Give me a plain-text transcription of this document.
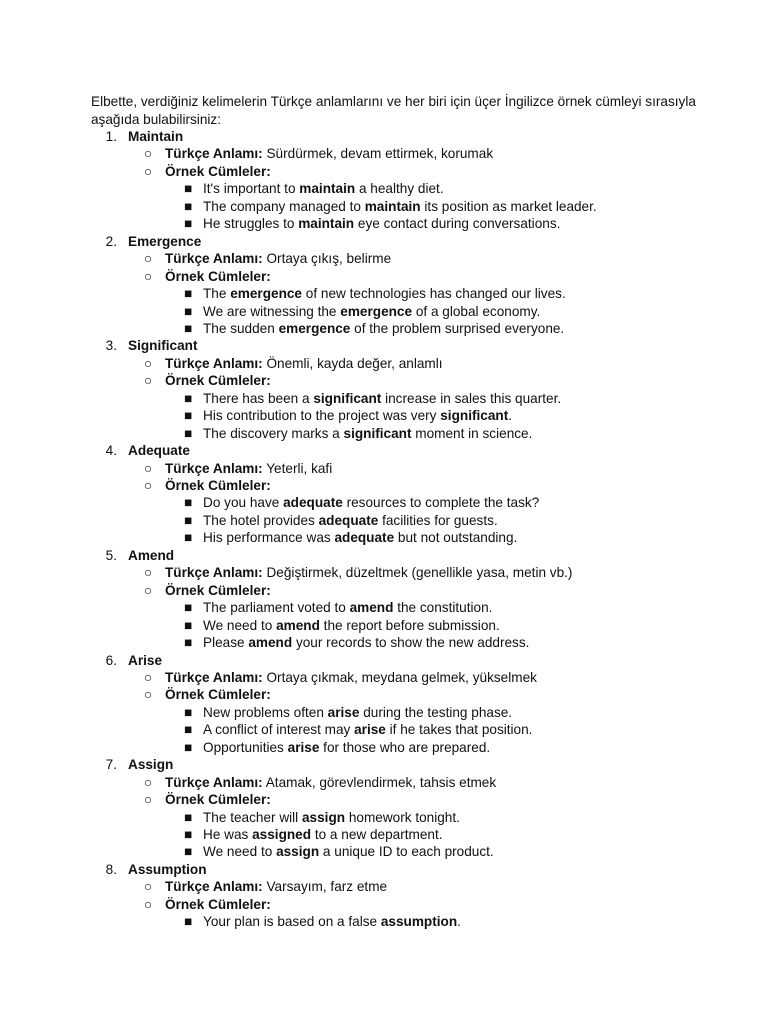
Elbette, verdiğiniz kelimelerin Türkçe anlamlarını ve her biri için üçer İngilizce örnek cümleyi sırasıyla aşağıda bulabilirsiniz:

1. Maintain
○ Türkçe Anlamı: Sürdürmek, devam ettirmek, korumak
○ Örnek Cümleler:
■ It's important to maintain a healthy diet.
■ The company managed to maintain its position as market leader.
■ He struggles to maintain eye contact during conversations.
2. Emergence
○ Türkçe Anlamı: Ortaya çıkış, belirme
○ Örnek Cümleler:
■ The emergence of new technologies has changed our lives.
■ We are witnessing the emergence of a global economy.
■ The sudden emergence of the problem surprised everyone.
3. Significant
○ Türkçe Anlamı: Önemli, kayda değer, anlamlı
○ Örnek Cümleler:
■ There has been a significant increase in sales this quarter.
■ His contribution to the project was very significant.
■ The discovery marks a significant moment in science.
4. Adequate
○ Türkçe Anlamı: Yeterli, kafi
○ Örnek Cümleler:
■ Do you have adequate resources to complete the task?
■ The hotel provides adequate facilities for guests.
■ His performance was adequate but not outstanding.
5. Amend
○ Türkçe Anlamı: Değiştirmek, düzeltmek (genellikle yasa, metin vb.)
○ Örnek Cümleler:
■ The parliament voted to amend the constitution.
■ We need to amend the report before submission.
■ Please amend your records to show the new address.
6. Arise
○ Türkçe Anlamı: Ortaya çıkmak, meydana gelmek, yükselmek
○ Örnek Cümleler:
■ New problems often arise during the testing phase.
■ A conflict of interest may arise if he takes that position.
■ Opportunities arise for those who are prepared.
7. Assign
○ Türkçe Anlamı: Atamak, görevlendirmek, tahsis etmek
○ Örnek Cümleler:
■ The teacher will assign homework tonight.
■ He was assigned to a new department.
■ We need to assign a unique ID to each product.
8. Assumption
○ Türkçe Anlamı: Varsayım, farz etme
○ Örnek Cümleler:
■ Your plan is based on a false assumption.
